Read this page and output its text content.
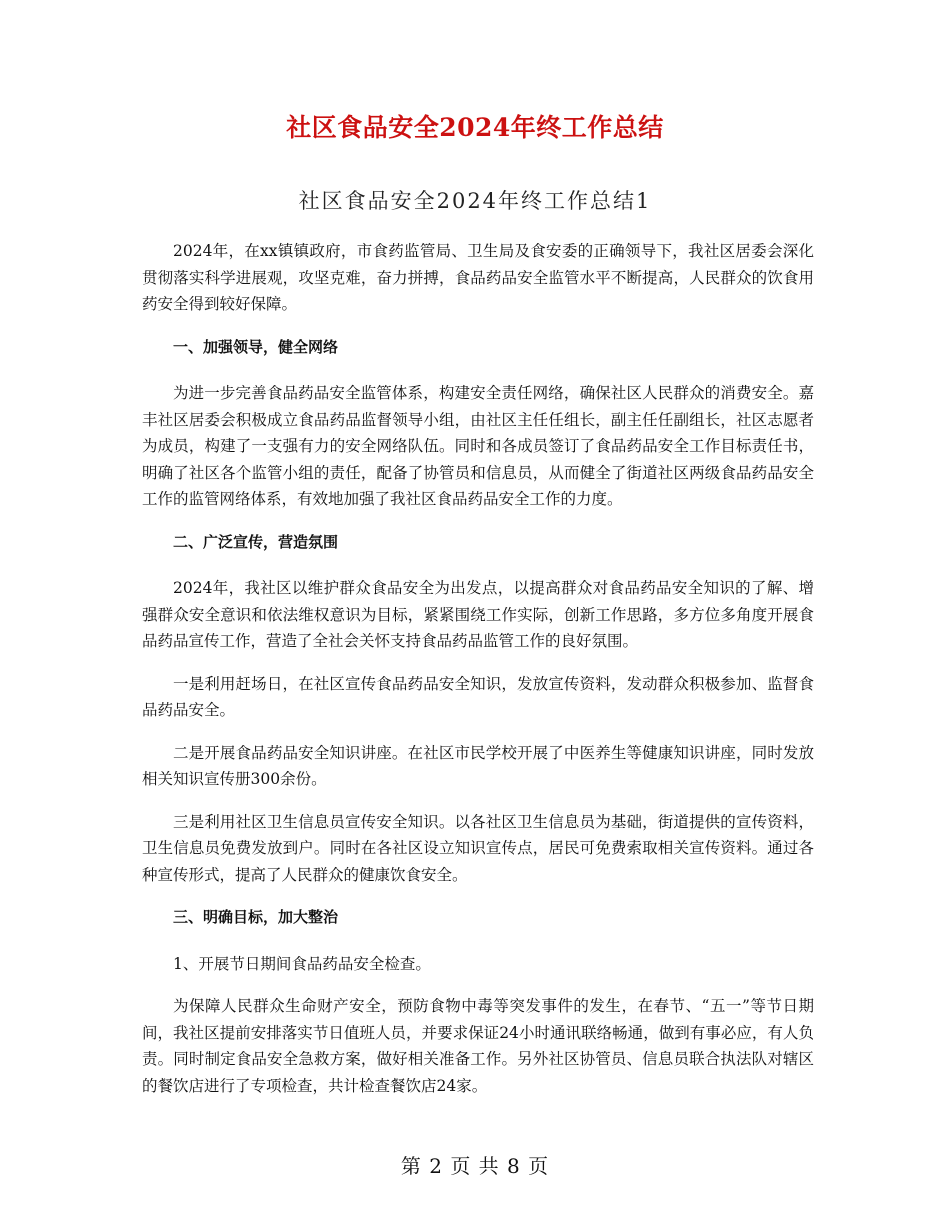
社区食品安全2024年终工作总结
社区食品安全2024年终工作总结1

2024年，在xx镇镇政府，市食药监管局、卫生局及食安委的正确领导下，我社区居委会深化贯彻落实科学进展观，攻坚克难，奋力拼搏，食品药品安全监管水平不断提高，人民群众的饮食用药安全得到较好保障。

一、加强领导，健全网络

为进一步完善食品药品安全监管体系，构建安全责任网络，确保社区人民群众的消费安全。嘉丰社区居委会积极成立食品药品监督领导小组，由社区主任任组长，副主任任副组长，社区志愿者为成员，构建了一支强有力的安全网络队伍。同时和各成员签订了食品药品安全工作目标责任书，明确了社区各个监管小组的责任，配备了协管员和信息员，从而健全了街道社区两级食品药品安全工作的监管网络体系，有效地加强了我社区食品药品安全工作的力度。

二、广泛宣传，营造氛围

2024年，我社区以维护群众食品安全为出发点，以提高群众对食品药品安全知识的了解、增强群众安全意识和依法维权意识为目标，紧紧围绕工作实际，创新工作思路，多方位多角度开展食品药品宣传工作，营造了全社会关怀支持食品药品监管工作的良好氛围。

一是利用赶场日，在社区宣传食品药品安全知识，发放宣传资料，发动群众积极参加、监督食品药品安全。

二是开展食品药品安全知识讲座。在社区市民学校开展了中医养生等健康知识讲座，同时发放相关知识宣传册300余份。

三是利用社区卫生信息员宣传安全知识。以各社区卫生信息员为基础，街道提供的宣传资料，卫生信息员免费发放到户。同时在各社区设立知识宣传点，居民可免费索取相关宣传资料。通过各种宣传形式，提高了人民群众的健康饮食安全。

三、明确目标，加大整治

1、开展节日期间食品药品安全检查。

为保障人民群众生命财产安全，预防食物中毒等突发事件的发生，在春节、“五一”等节日期间，我社区提前安排落实节日值班人员，并要求保证24小时通讯联络畅通，做到有事必应，有人负责。同时制定食品安全急救方案，做好相关准备工作。另外社区协管员、信息员联合执法队对辖区的餐饮店进行了专项检查，共计检查餐饮店24家。

第 2 页 共 8 页
